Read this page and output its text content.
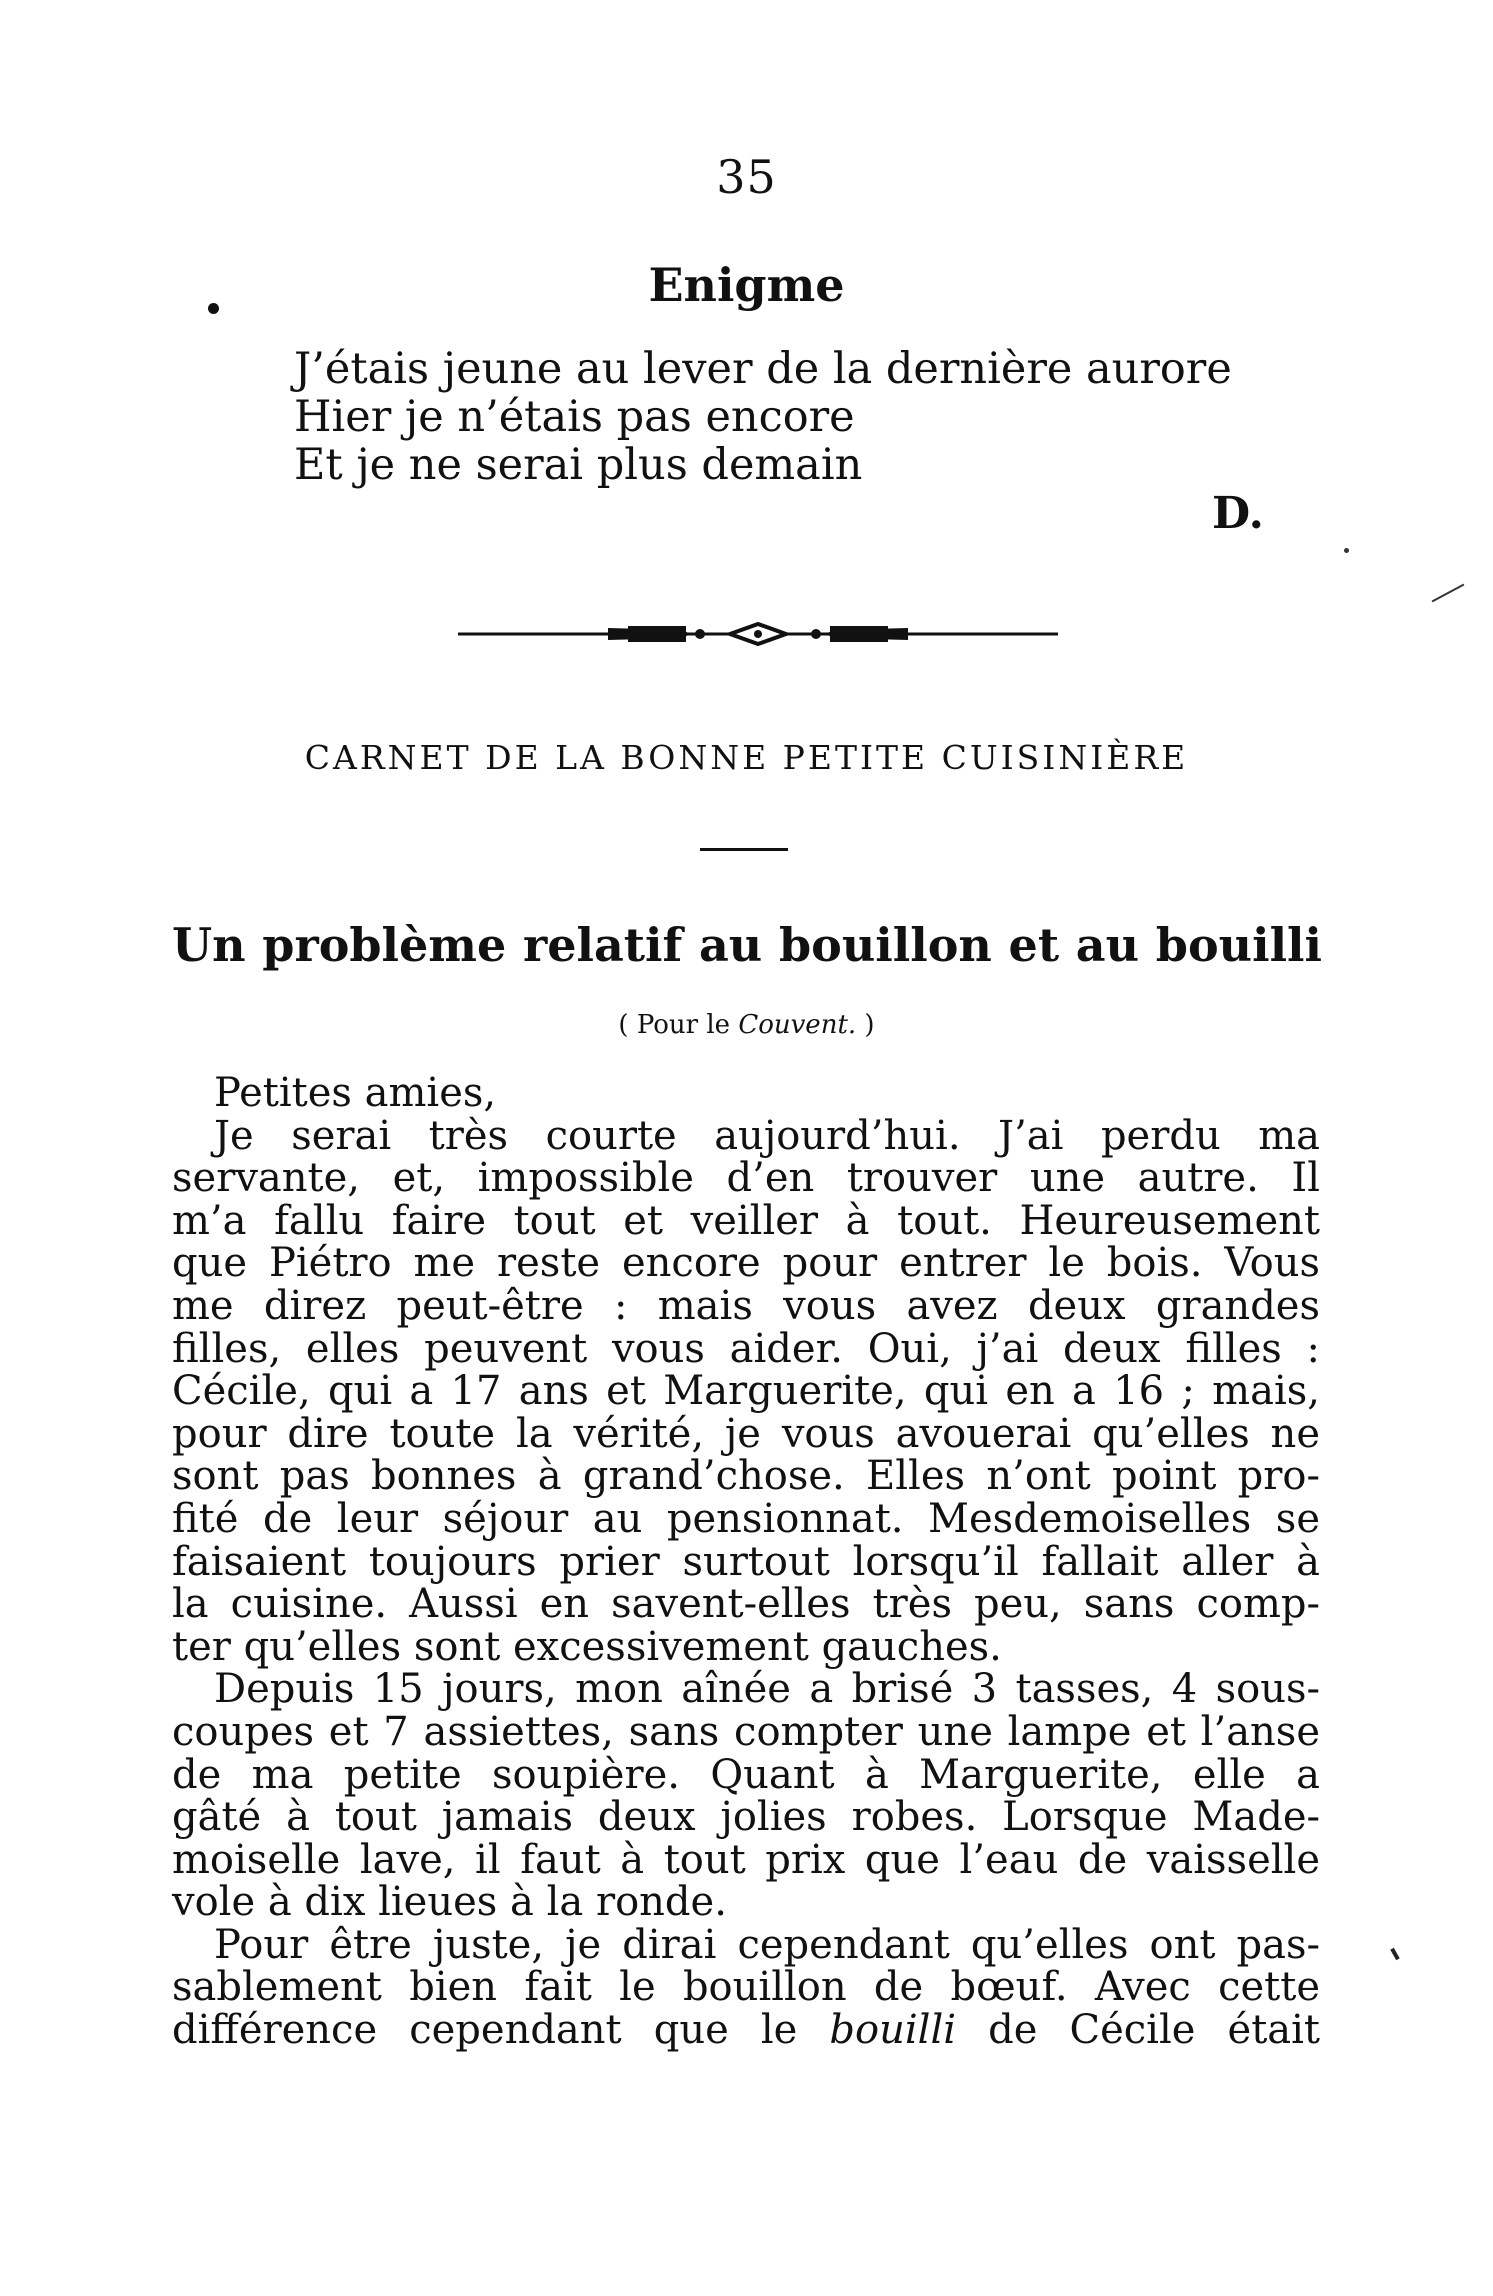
35
Enigme
J’étais jeune au lever de la dernière aurore
Hier je n’étais pas encore
Et je ne serai plus demain
D.
CARNET DE LA BONNE PETITE CUISINIÈRE
Un problème relatif au bouillon et au bouilli
( Pour le Couvent. )
Petites amies,
Je serai très courte aujourd’hui. J’ai perdu ma
servante, et, impossible d’en trouver une autre. Il
m’a fallu faire tout et veiller à tout. Heureusement
que Piétro me reste encore pour entrer le bois. Vous
me direz peut-être : mais vous avez deux grandes
filles, elles peuvent vous aider. Oui, j’ai deux filles :
Cécile, qui a 17 ans et Marguerite, qui en a 16 ; mais,
pour dire toute la vérité, je vous avouerai qu’elles ne
sont pas bonnes à grand’chose. Elles n’ont point pro-
fité de leur séjour au pensionnat. Mesdemoiselles se
faisaient toujours prier surtout lorsqu’il fallait aller à
la cuisine. Aussi en savent-elles très peu, sans comp-
ter qu’elles sont excessivement gauches.
Depuis 15 jours, mon aînée a brisé 3 tasses, 4 sous-
coupes et 7 assiettes, sans compter une lampe et l’anse
de ma petite soupière. Quant à Marguerite, elle a
gâté à tout jamais deux jolies robes. Lorsque Made-
moiselle lave, il faut à tout prix que l’eau de vaisselle
vole à dix lieues à la ronde.
Pour être juste, je dirai cependant qu’elles ont pas-
sablement bien fait le bouillon de bœuf. Avec cette
différence cependant que le bouilli de Cécile était
